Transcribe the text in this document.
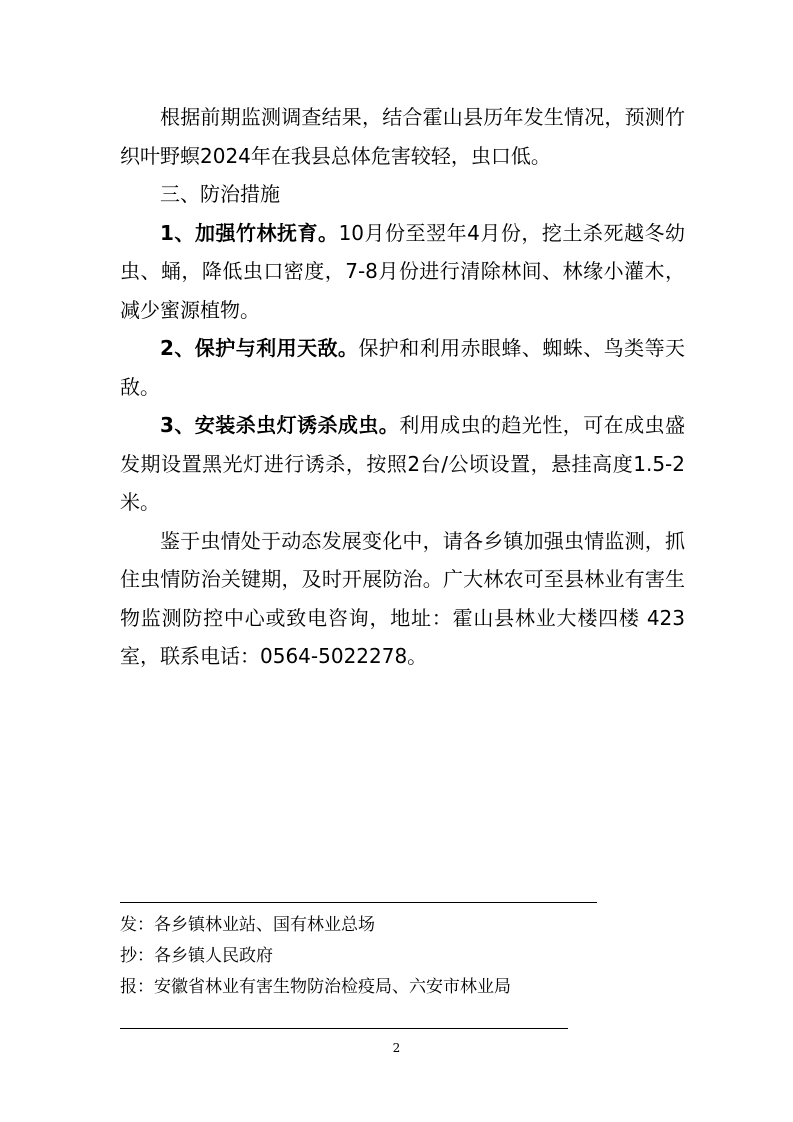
根据前期监测调查结果，结合霍山县历年发生情况，预测竹织叶野螟2024年在我县总体危害较轻，虫口低。

三、防治措施

1、加强竹林抚育。10月份至翌年4月份，挖土杀死越冬幼虫、蛹，降低虫口密度，7-8月份进行清除林间、林缘小灌木，减少蜜源植物。

2、保护与利用天敌。保护和利用赤眼蜂、蜘蛛、鸟类等天敌。

3、安装杀虫灯诱杀成虫。利用成虫的趋光性，可在成虫盛发期设置黑光灯进行诱杀，按照2台/公顷设置，悬挂高度1.5-2米。

鉴于虫情处于动态发展变化中，请各乡镇加强虫情监测，抓住虫情防治关键期，及时开展防治。广大林农可至县林业有害生物监测防控中心或致电咨询，地址：霍山县林业大楼四楼 423 室，联系电话：0564-5022278。

发：各乡镇林业站、国有林业总场
抄：各乡镇人民政府
报：安徽省林业有害生物防治检疫局、六安市林业局
2
